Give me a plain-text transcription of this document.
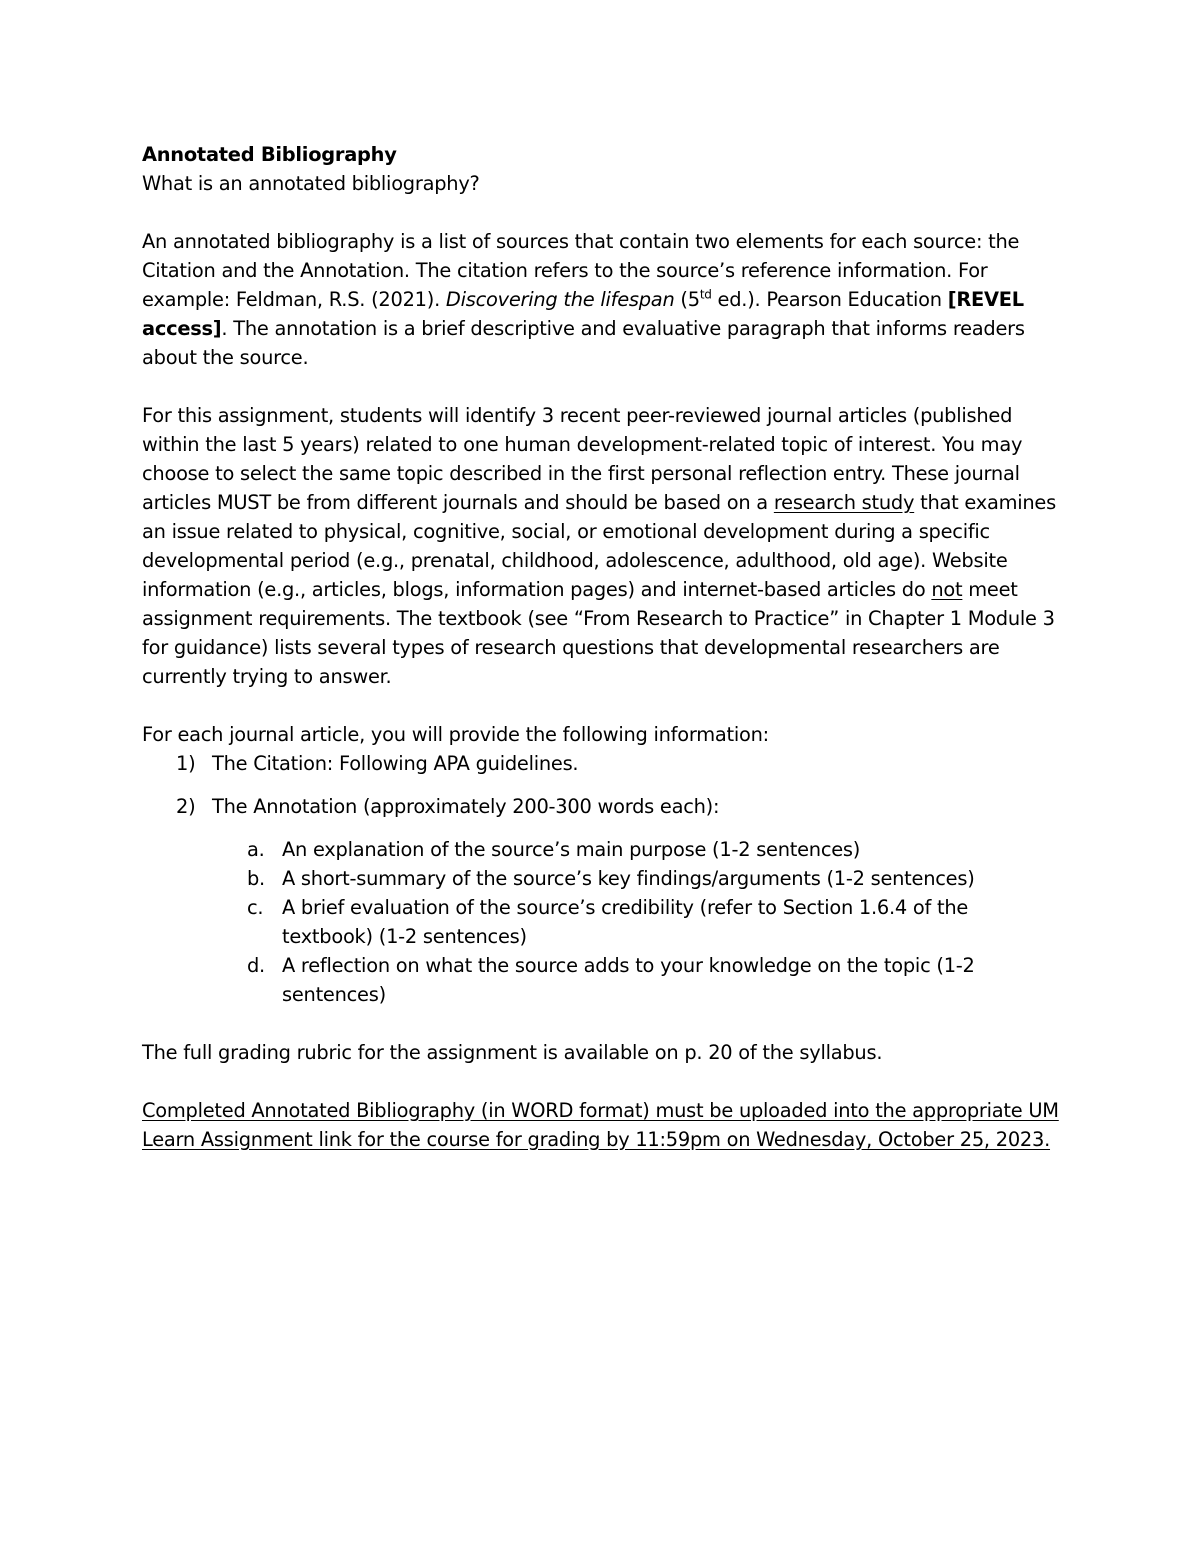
Annotated Bibliography

What is an annotated bibliography?

An annotated bibliography is a list of sources that contain two elements for each source: the Citation and the Annotation. The citation refers to the source’s reference information. For example: Feldman, R.S. (2021). Discovering the lifespan ($5^{td}$ ed.). Pearson Education [REVEL access]. The annotation is a brief descriptive and evaluative paragraph that informs readers about the source.

For this assignment, students will identify 3 recent peer-reviewed journal articles (published within the last 5 years) related to one human development-related topic of interest. You may choose to select the same topic described in the first personal reflection entry. These journal articles MUST be from different journals and should be based on a research study that examines an issue related to physical, cognitive, social, or emotional development during a specific developmental period (e.g., prenatal, childhood, adolescence, adulthood, old age). Website information (e.g., articles, blogs, information pages) and internet-based articles do not meet assignment requirements. The textbook (see “From Research to Practice” in Chapter 1 Module 3 for guidance) lists several types of research questions that developmental researchers are currently trying to answer.

For each journal article, you will provide the following information:

1) The Citation: Following APA guidelines.
2) The Annotation (approximately 200-300 words each):
a. An explanation of the source’s main purpose (1-2 sentences)
b. A short-summary of the source’s key findings/arguments (1-2 sentences)
c. A brief evaluation of the source’s credibility (refer to Section 1.6.4 of the textbook) (1-2 sentences)
d. A reflection on what the source adds to your knowledge on the topic (1-2 sentences)

The full grading rubric for the assignment is available on p. 20 of the syllabus.

Completed Annotated Bibliography (in WORD format) must be uploaded into the appropriate UM Learn Assignment link for the course for grading by 11:59pm on Wednesday, October 25, 2023.
